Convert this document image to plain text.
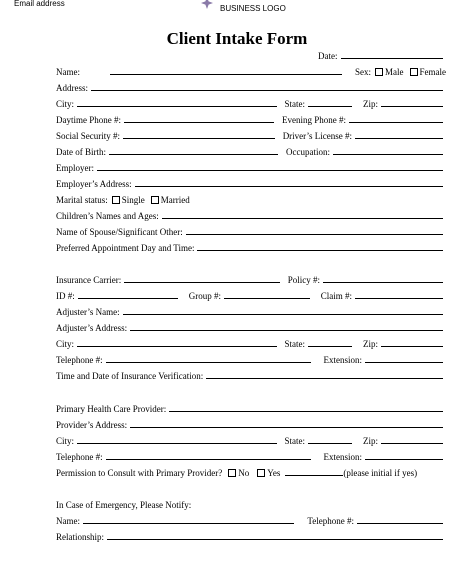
Email address
BUSINESS LOGO
Client Intake Form
Date:
Name:	Sex: Male Female
Address:
City:	State:	Zip:
Daytime Phone #:	Evening Phone #:
Social Security #:	Driver’s License #:
Date of Birth:	Occupation:
Employer:
Employer’s Address:
Marital status: Single Married
Children’s Names and Ages:
Name of Spouse/Significant Other:
Preferred Appointment Day and Time:
Insurance Carrier:	Policy #:
ID #:	Group #:	Claim #:
Adjuster’s Name:
Adjuster’s Address:
City:	State:	Zip:
Telephone #:	Extension:
Time and Date of Insurance Verification:
Primary Health Care Provider:
Provider’s Address:
City:	State:	Zip:
Telephone #:	Extension:
Permission to Consult with Primary Provider? No Yes	(please initial if yes)
In Case of Emergency, Please Notify:
Name:	Telephone #:
Relationship:
